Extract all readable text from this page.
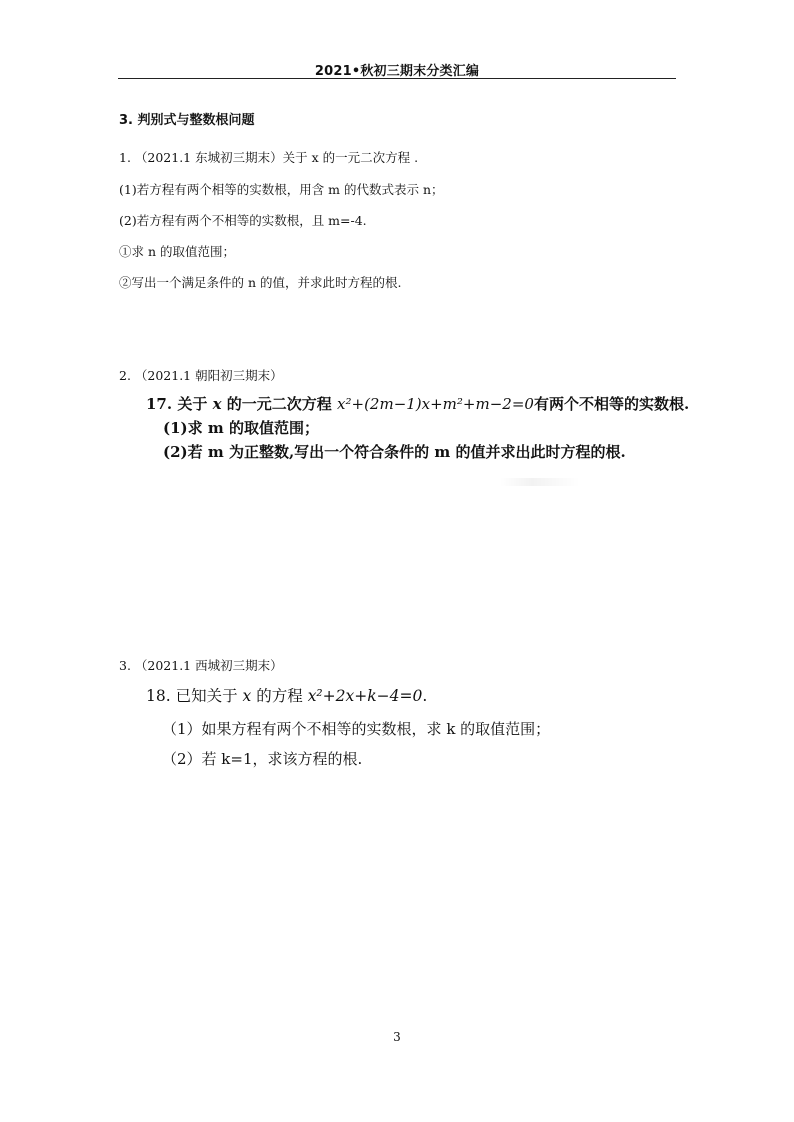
2021•秋初三期末分类汇编
3. 判别式与整数根问题
1. （2021.1 东城初三期末）关于 x 的一元二次方程 .
(1)若方程有两个相等的实数根，用含 m 的代数式表示 n；
(2)若方程有两个不相等的实数根，且 m=-4.
①求 n 的取值范围；
②写出一个满足条件的 n 的值，并求此时方程的根.
2. （2021.1 朝阳初三期末）
17. 关于 x 的一元二次方程 x²+(2m−1)x+m²+m−2=0有两个不相等的实数根.
(1)求 m 的取值范围；
(2)若 m 为正整数,写出一个符合条件的 m 的值并求出此时方程的根.
3. （2021.1 西城初三期末）
18. 已知关于 x 的方程 x²+2x+k−4=0.
（1）如果方程有两个不相等的实数根，求 k 的取值范围；
（2）若 k=1，求该方程的根.
3
